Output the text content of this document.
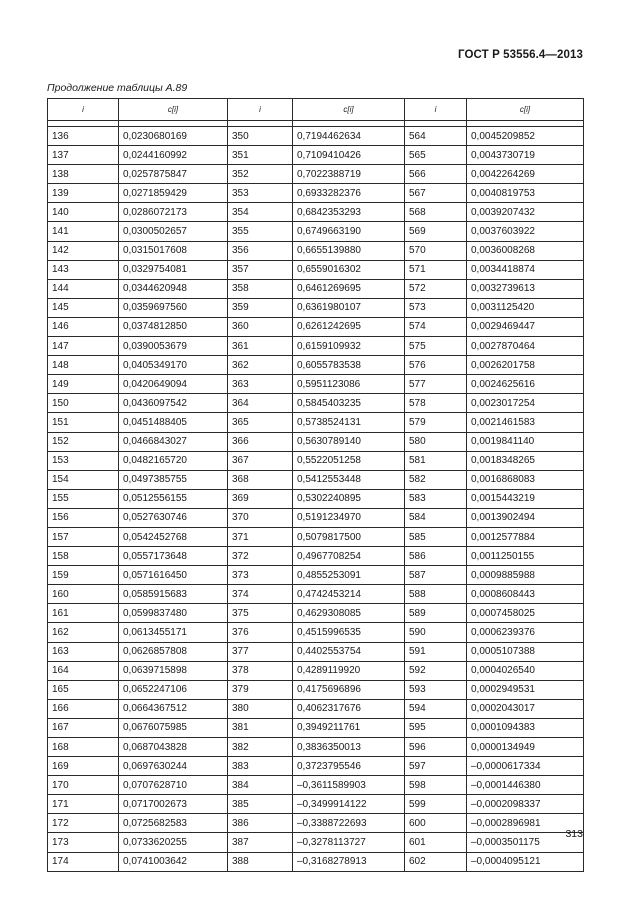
ГОСТ Р 53556.4—2013
Продолжение таблицы А.89
i	c[i]	i	c[i]	i	c[i]

136	0,0230680169	350	0,7194462634	564	0,0045209852
137	0,0244160992	351	0,7109410426	565	0,0043730719
138	0,0257875847	352	0,7022388719	566	0,0042264269
139	0,0271859429	353	0,6933282376	567	0,0040819753
140	0,0286072173	354	0,6842353293	568	0,0039207432
141	0,0300502657	355	0,6749663190	569	0,0037603922
142	0,0315017608	356	0,6655139880	570	0,0036008268
143	0,0329754081	357	0,6559016302	571	0,0034418874
144	0,0344620948	358	0,6461269695	572	0,0032739613
145	0,0359697560	359	0,6361980107	573	0,0031125420
146	0,0374812850	360	0,6261242695	574	0,0029469447
147	0,0390053679	361	0,6159109932	575	0,0027870464
148	0,0405349170	362	0,6055783538	576	0,0026201758
149	0,0420649094	363	0,5951123086	577	0,0024625616
150	0,0436097542	364	0,5845403235	578	0,0023017254
151	0,0451488405	365	0,5738524131	579	0,0021461583
152	0,0466843027	366	0,5630789140	580	0,0019841140
153	0,0482165720	367	0,5522051258	581	0,0018348265
154	0,0497385755	368	0,5412553448	582	0,0016868083
155	0,0512556155	369	0,5302240895	583	0,0015443219
156	0,0527630746	370	0,5191234970	584	0,0013902494
157	0,0542452768	371	0,5079817500	585	0,0012577884
158	0,0557173648	372	0,4967708254	586	0,0011250155
159	0,0571616450	373	0,4855253091	587	0,0009885988
160	0,0585915683	374	0,4742453214	588	0,0008608443
161	0,0599837480	375	0,4629308085	589	0,0007458025
162	0,0613455171	376	0,4515996535	590	0,0006239376
163	0,0626857808	377	0,4402553754	591	0,0005107388
164	0,0639715898	378	0,4289119920	592	0,0004026540
165	0,0652247106	379	0,4175696896	593	0,0002949531
166	0,0664367512	380	0,4062317676	594	0,0002043017
167	0,0676075985	381	0,3949211761	595	0,0001094383
168	0,0687043828	382	0,3836350013	596	0,0000134949
169	0,0697630244	383	0,3723795546	597	–0,0000617334
170	0,0707628710	384	–0,3611589903	598	–0,0001446380
171	0,0717002673	385	–0,3499914122	599	–0,0002098337
172	0,0725682583	386	–0,3388722693	600	–0,0002896981
173	0,0733620255	387	–0,3278113727	601	–0,0003501175
174	0,0741003642	388	–0,3168278913	602	–0,0004095121
313
